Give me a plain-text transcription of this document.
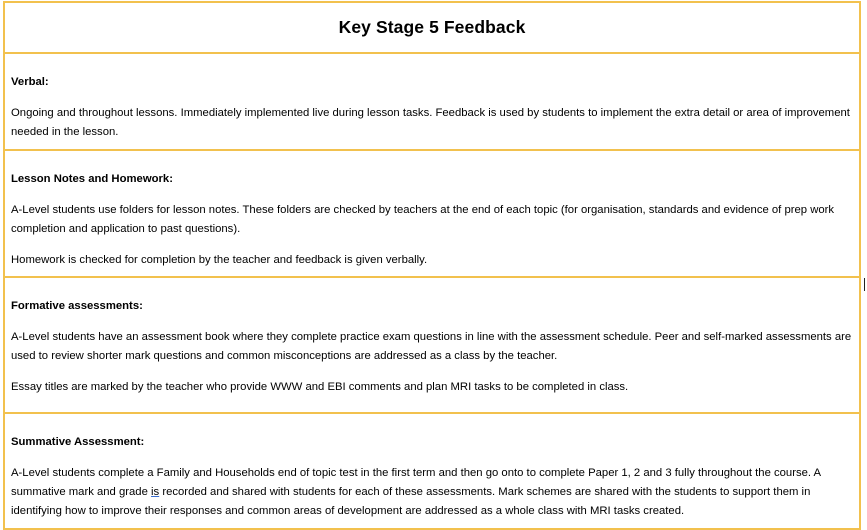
Key Stage 5 Feedback

Verbal:

Ongoing and throughout lessons. Immediately implemented live during lesson tasks. Feedback is used by students to implement the extra detail or area of improvement needed in the lesson.

Lesson Notes and Homework:

A-Level students use folders for lesson notes. These folders are checked by teachers at the end of each topic (for organisation, standards and evidence of prep work completion and application to past questions).

Homework is checked for completion by the teacher and feedback is given verbally.

Formative assessments:

A-Level students have an assessment book where they complete practice exam questions in line with the assessment schedule. Peer and self-marked assessments are used to review shorter mark questions and common misconceptions are addressed as a class by the teacher.

Essay titles are marked by the teacher who provide WWW and EBI comments and plan MRI tasks to be completed in class.

Summative Assessment:

A-Level students complete a Family and Households end of topic test in the first term and then go onto to complete Paper 1, 2 and 3 fully throughout the course. A summative mark and grade is recorded and shared with students for each of these assessments. Mark schemes are shared with the students to support them in identifying how to improve their responses and common areas of development are addressed as a whole class with MRI tasks created.
